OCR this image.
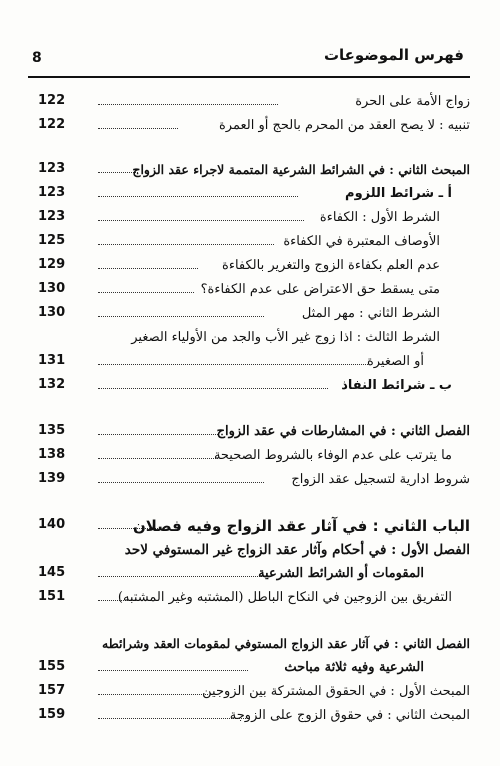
8	فهرس الموضوعات
122	زواج الأمة على الحرة
122	تنبيه : لا يصح العقد من المحرم بالحج أو العمرة
123	المبحث الثاني : في الشرائط الشرعية المتممة لاجراء عقد الزواج
123	أ ـ شرائط اللزوم
123	الشرط الأول : الكفاءة
125	الأوصاف المعتبرة في الكفاءة
129	عدم العلم بكفاءة الزوج والتغرير بالكفاءة
130	متى يسقط حق الاعتراض على عدم الكفاءة؟
130	الشرط الثاني : مهر المثل
الشرط الثالث : اذا زوج غير الأب والجد من الأولياء الصغير
131	أو الصغيرة
132	ب ـ شرائط النفاذ
135	الفصل الثاني : في المشارطات في عقد الزواج
138	ما يترتب على عدم الوفاء بالشروط الصحيحة
139	شروط ادارية لتسجيل عقد الزواج
140	الباب الثاني : في آثار عقد الزواج وفيه فصلان
الفصل الأول : في أحكام وآثار عقد الزواج غير المستوفي لاحد
145	المقومات أو الشرائط الشرعية
151	التفريق بين الزوجين في النكاح الباطل (المشتبه وغير المشتبه)
الفصل الثاني : في آثار عقد الزواج المستوفي لمقومات العقد وشرائطه
155	الشرعية وفيه ثلاثة مباحث
157	المبحث الأول : في الحقوق المشتركة بين الزوجين
159	المبحث الثاني : في حقوق الزوج على الزوجة
